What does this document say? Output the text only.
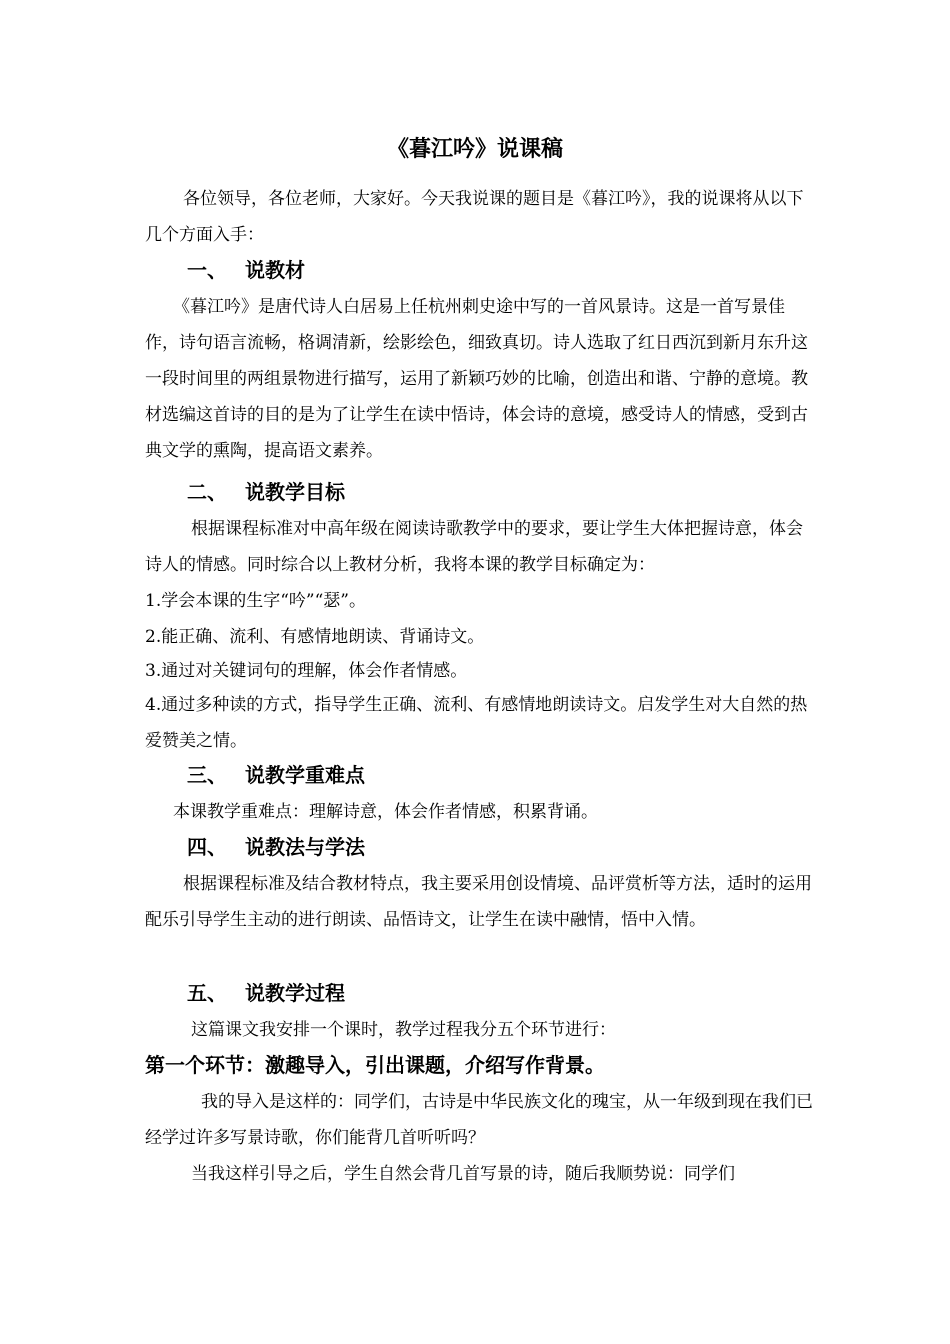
《暮江吟》说课稿
各位领导，各位老师，大家好。今天我说课的题目是《暮江吟》，我的说课将从以下几个方面入手：
一、 说教材
《暮江吟》是唐代诗人白居易上任杭州刺史途中写的一首风景诗。这是一首写景佳作，诗句语言流畅，格调清新，绘影绘色，细致真切。诗人选取了红日西沉到新月东升这一段时间里的两组景物进行描写，运用了新颖巧妙的比喻，创造出和谐、宁静的意境。教材选编这首诗的目的是为了让学生在读中悟诗，体会诗的意境，感受诗人的情感，受到古典文学的熏陶，提高语文素养。
二、 说教学目标
根据课程标准对中高年级在阅读诗歌教学中的要求，要让学生大体把握诗意，体会诗人的情感。同时综合以上教材分析，我将本课的教学目标确定为：
1.学会本课的生字“吟”“瑟”。
2.能正确、流利、有感情地朗读、背诵诗文。
3.通过对关键词句的理解，体会作者情感。
4.通过多种读的方式，指导学生正确、流利、有感情地朗读诗文。启发学生对大自然的热爱赞美之情。
三、 说教学重难点
本课教学重难点：理解诗意，体会作者情感，积累背诵。
四、 说教法与学法
根据课程标准及结合教材特点，我主要采用创设情境、品评赏析等方法，适时的运用配乐引导学生主动的进行朗读、品悟诗文，让学生在读中融情，悟中入情。
五、 说教学过程
这篇课文我安排一个课时，教学过程我分五个环节进行：
第一个环节：激趣导入，引出课题，介绍写作背景。
我的导入是这样的：同学们，古诗是中华民族文化的瑰宝，从一年级到现在我们已经学过许多写景诗歌，你们能背几首听听吗？
当我这样引导之后，学生自然会背几首写景的诗，随后我顺势说：同学们
